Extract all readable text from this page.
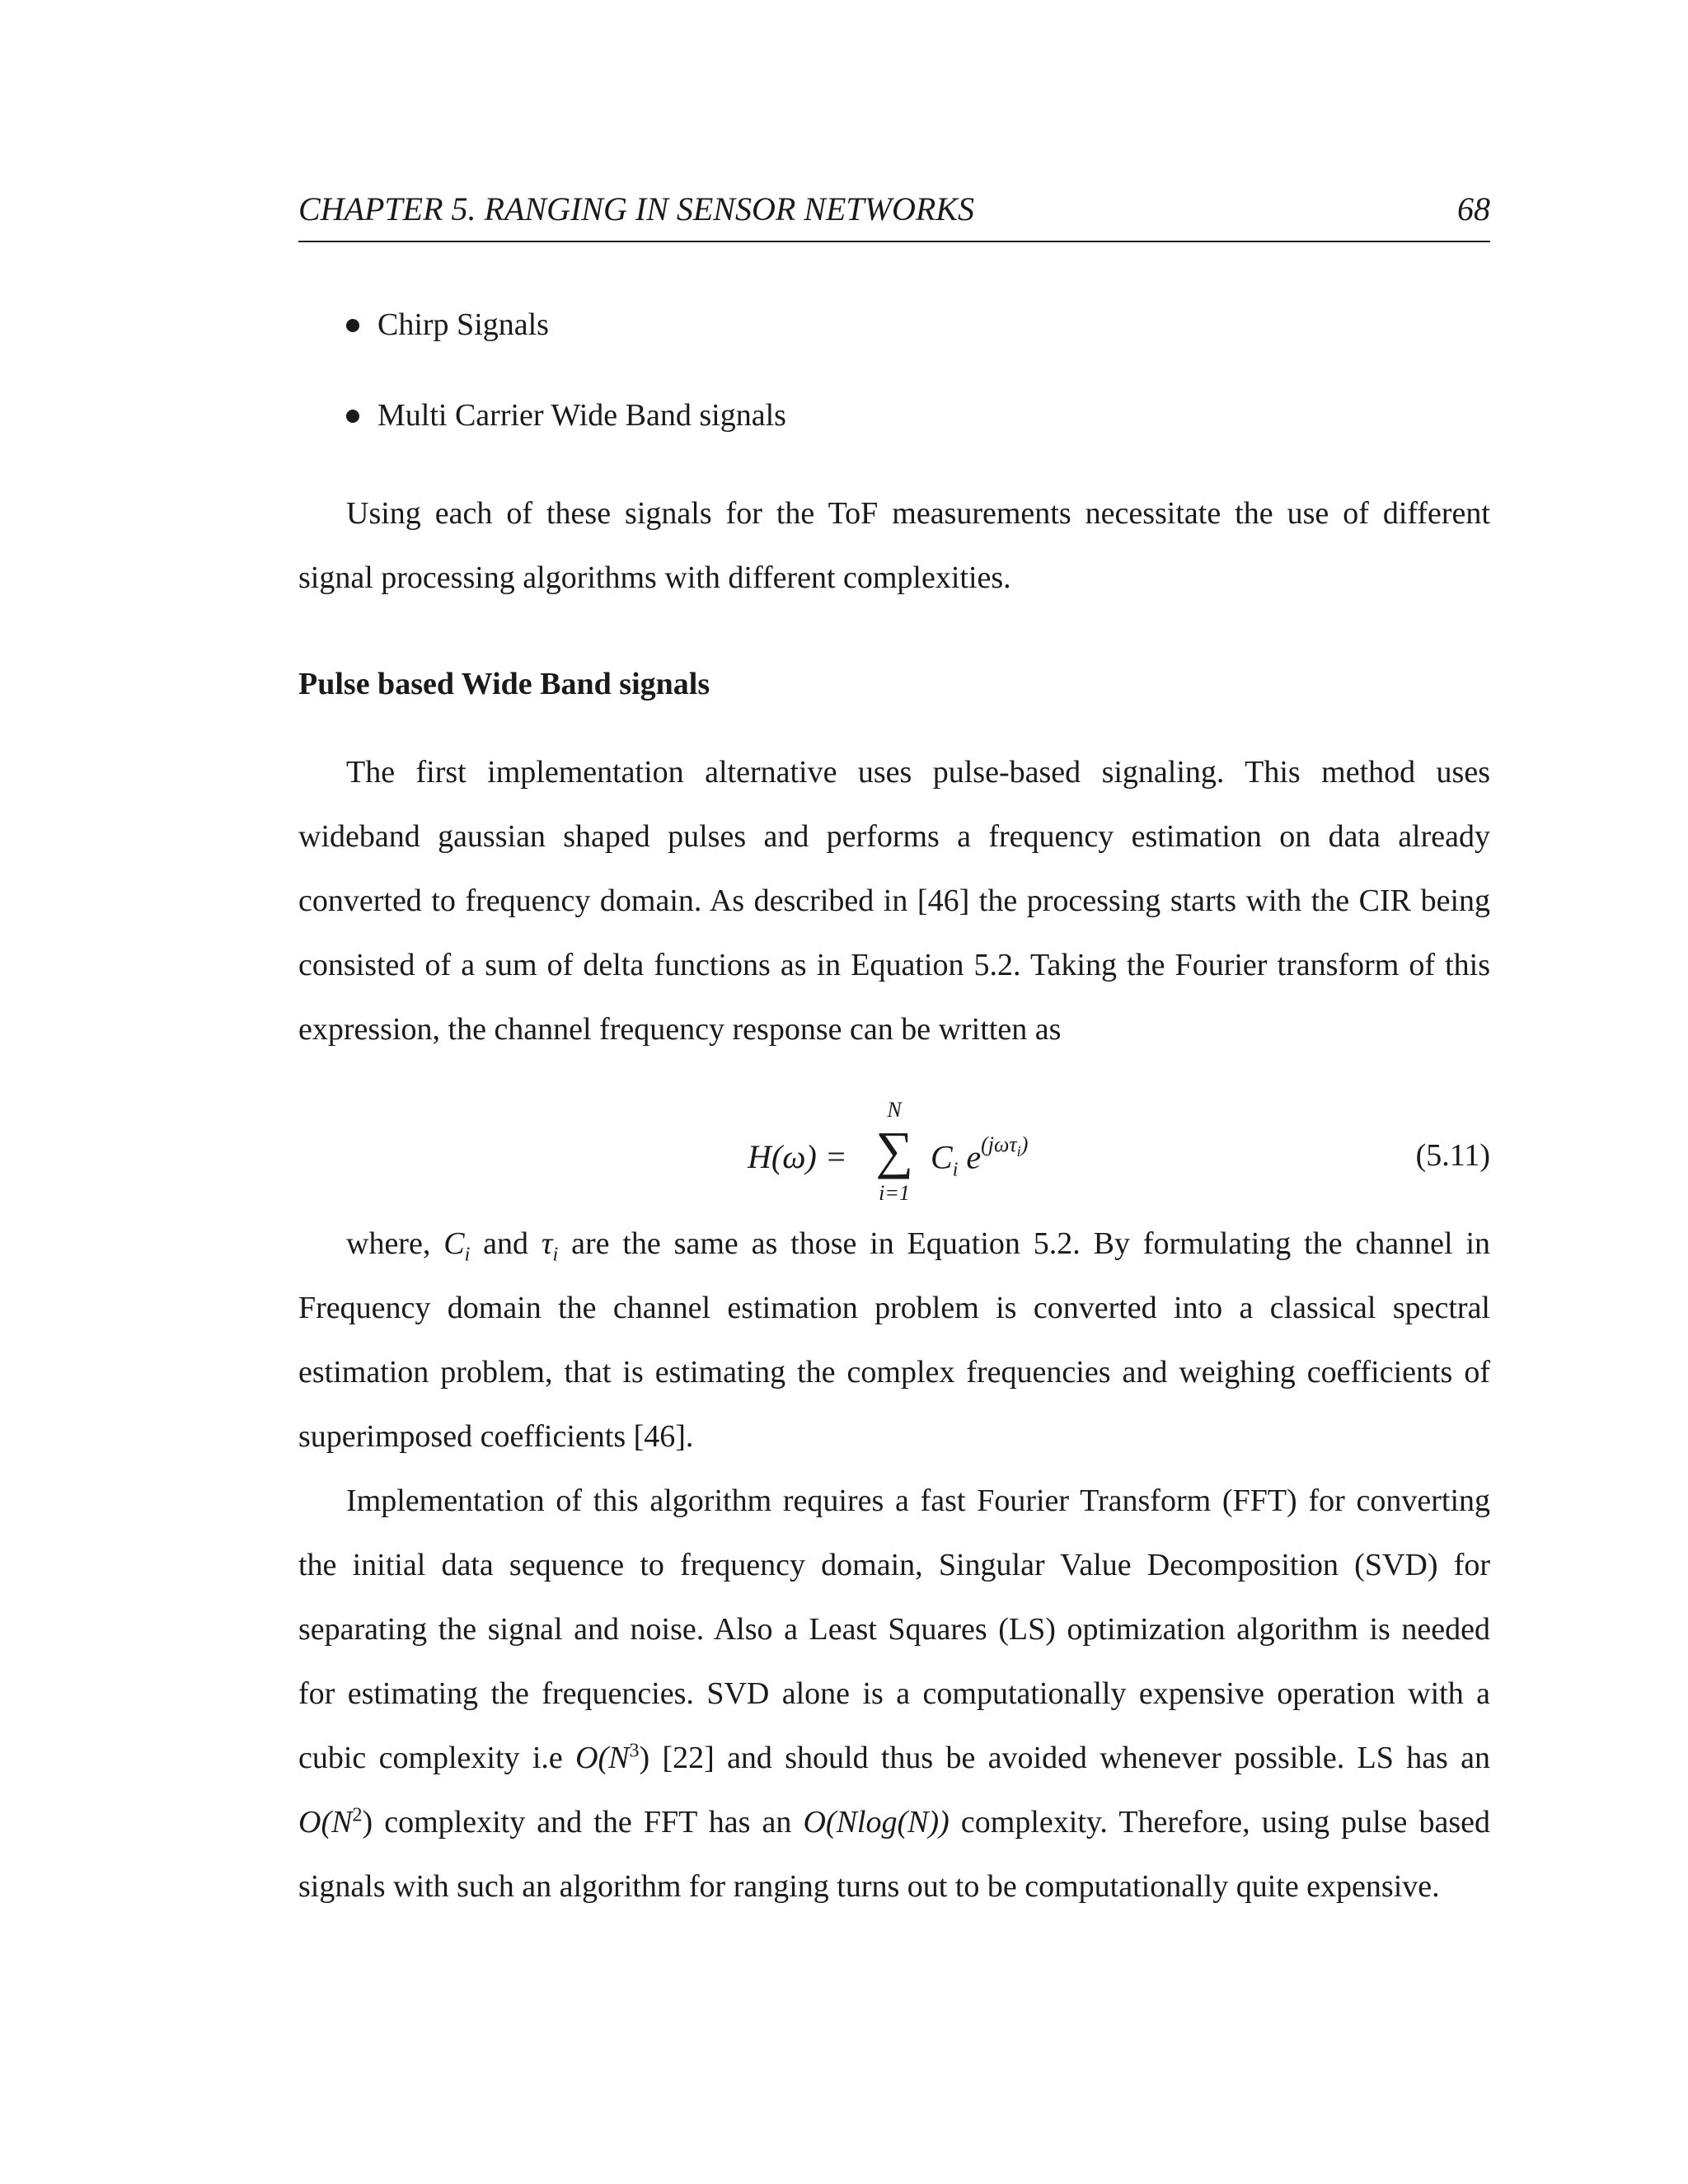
CHAPTER 5. RANGING IN SENSOR NETWORKS	68
Chirp Signals
Multi Carrier Wide Band signals
Using each of these signals for the ToF measurements necessitate the use of different signal processing algorithms with different complexities.
Pulse based Wide Band signals
The first implementation alternative uses pulse-based signaling. This method uses wideband gaussian shaped pulses and performs a frequency estimation on data already converted to frequency domain. As described in [46] the processing starts with the CIR being consisted of a sum of delta functions as in Equation 5.2. Taking the Fourier transform of this expression, the channel frequency response can be written as
H(ω) =
N
∑
i=1
$C_i$ $e^{(j\omega\tau_i)}$	(5.11)
where, $C_i$ and $\tau_i$ are the same as those in Equation 5.2. By formulating the channel in Frequency domain the channel estimation problem is converted into a classical spectral estimation problem, that is estimating the complex frequencies and weighing coefficients of superimposed coefficients [46].
Implementation of this algorithm requires a fast Fourier Transform (FFT) for converting the initial data sequence to frequency domain, Singular Value Decomposition (SVD) for separating the signal and noise. Also a Least Squares (LS) optimization algorithm is needed for estimating the frequencies. SVD alone is a computationally expensive operation with a cubic complexity i.e $O(N^3)$ [22] and should thus be avoided whenever possible. LS has an $O(N^2)$ complexity and the FFT has an O(Nlog(N)) complexity. Therefore, using pulse based signals with such an algorithm for ranging turns out to be computationally quite expensive.
